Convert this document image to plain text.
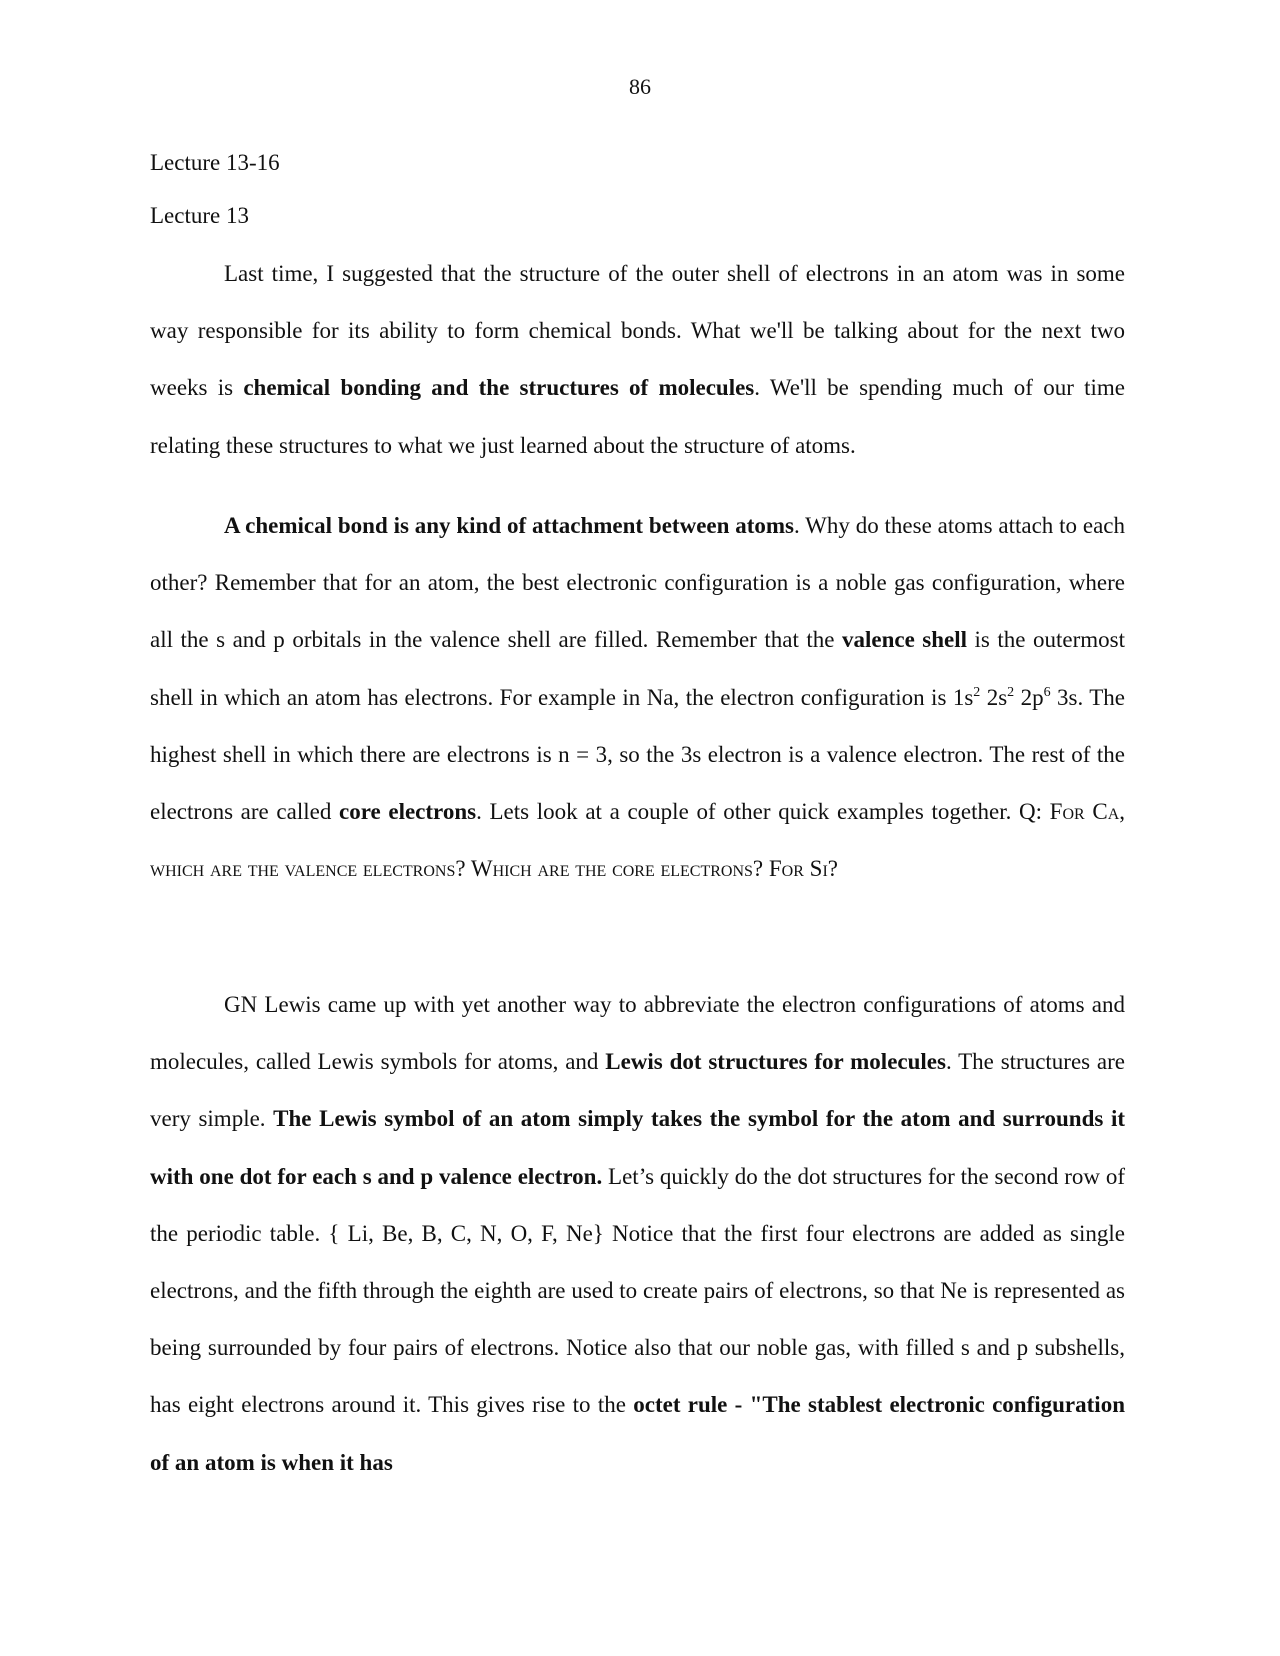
86
Lecture 13-16
Lecture 13

Last time, I suggested that the structure of the outer shell of electrons in an atom was in some way responsible for its ability to form chemical bonds. What we'll be talking about for the next two weeks is chemical bonding and the structures of molecules. We'll be spending much of our time relating these structures to what we just learned about the structure of atoms.

A chemical bond is any kind of attachment between atoms. Why do these atoms attach to each other? Remember that for an atom, the best electronic configuration is a noble gas configuration, where all the s and p orbitals in the valence shell are filled. Remember that the valence shell is the outermost shell in which an atom has electrons. For example in Na, the electron configuration is $1s^2$ $2s^2$ $2p^6$ 3s. The highest shell in which there are electrons is n = 3, so the 3s electron is a valence electron. The rest of the electrons are called core electrons. Lets look at a couple of other quick examples together. Q: For Ca, which are the valence electrons? Which are the core electrons? For Si?

GN Lewis came up with yet another way to abbreviate the electron configurations of atoms and molecules, called Lewis symbols for atoms, and Lewis dot structures for molecules. The structures are very simple. The Lewis symbol of an atom simply takes the symbol for the atom and surrounds it with one dot for each s and p valence electron. Let’s quickly do the dot structures for the second row of the periodic table. { Li, Be, B, C, N, O, F, Ne} Notice that the first four electrons are added as single electrons, and the fifth through the eighth are used to create pairs of electrons, so that Ne is represented as being surrounded by four pairs of electrons. Notice also that our noble gas, with filled s and p subshells, has eight electrons around it. This gives rise to the octet rule - "The stablest electronic configuration of an atom is when it has
